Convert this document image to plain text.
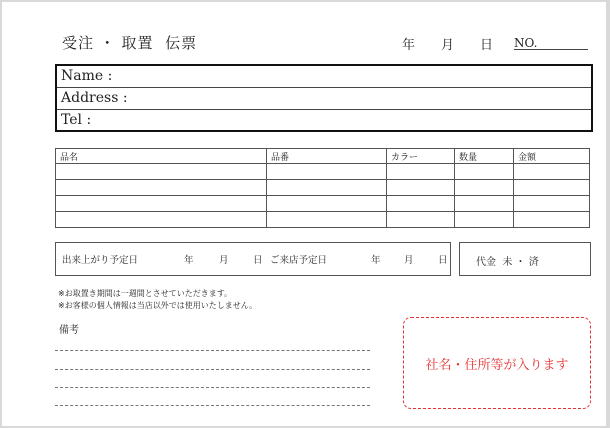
受注 ・ 取置  伝票	年 月 日 NO.
Name :
Address :
Tel :
品名	品番	カラー	数量	金額

出来上がり予定日	年	月	日 ご来店予定日	年 月	日	代金  未 ・ 済
※お取置き期間は一週間とさせていただきます。
※お客様の個人情報は当店以外では使用いたしません。
備考
社名・住所等が入ります
